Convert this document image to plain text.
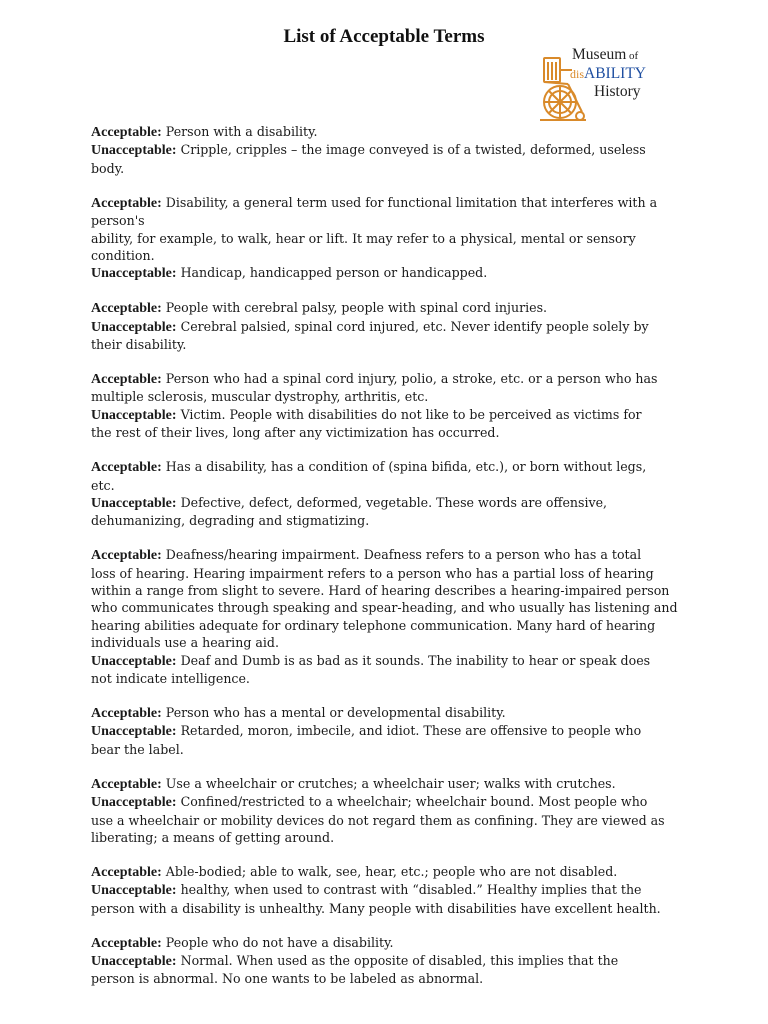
List of Acceptable Terms
Museum of
disABILITY
History
Acceptable: Person with a disability.
Unacceptable: Cripple, cripples – the image conveyed is of a twisted, deformed, useless
body.
Acceptable: Disability, a general term used for functional limitation that interferes with a
person's
ability, for example, to walk, hear or lift. It may refer to a physical, mental or sensory
condition.
Unacceptable: Handicap, handicapped person or handicapped.
Acceptable: People with cerebral palsy, people with spinal cord injuries.
Unacceptable: Cerebral palsied, spinal cord injured, etc. Never identify people solely by
their disability.
Acceptable: Person who had a spinal cord injury, polio, a stroke, etc. or a person who has
multiple sclerosis, muscular dystrophy, arthritis, etc.
Unacceptable: Victim. People with disabilities do not like to be perceived as victims for
the rest of their lives, long after any victimization has occurred.
Acceptable: Has a disability, has a condition of (spina bifida, etc.), or born without legs,
etc.
Unacceptable: Defective, defect, deformed, vegetable. These words are offensive,
dehumanizing, degrading and stigmatizing.
Acceptable: Deafness/hearing impairment. Deafness refers to a person who has a total
loss of hearing. Hearing impairment refers to a person who has a partial loss of hearing
within a range from slight to severe. Hard of hearing describes a hearing-impaired person
who communicates through speaking and spear-heading, and who usually has listening and
hearing abilities adequate for ordinary telephone communication. Many hard of hearing
individuals use a hearing aid.
Unacceptable: Deaf and Dumb is as bad as it sounds. The inability to hear or speak does
not indicate intelligence.
Acceptable: Person who has a mental or developmental disability.
Unacceptable: Retarded, moron, imbecile, and idiot. These are offensive to people who
bear the label.
Acceptable: Use a wheelchair or crutches; a wheelchair user; walks with crutches.
Unacceptable: Confined/restricted to a wheelchair; wheelchair bound. Most people who
use a wheelchair or mobility devices do not regard them as confining. They are viewed as
liberating; a means of getting around.
Acceptable: Able-bodied; able to walk, see, hear, etc.; people who are not disabled.
Unacceptable: healthy, when used to contrast with “disabled.” Healthy implies that the
person with a disability is unhealthy. Many people with disabilities have excellent health.
Acceptable: People who do not have a disability.
Unacceptable: Normal. When used as the opposite of disabled, this implies that the
person is abnormal. No one wants to be labeled as abnormal.
